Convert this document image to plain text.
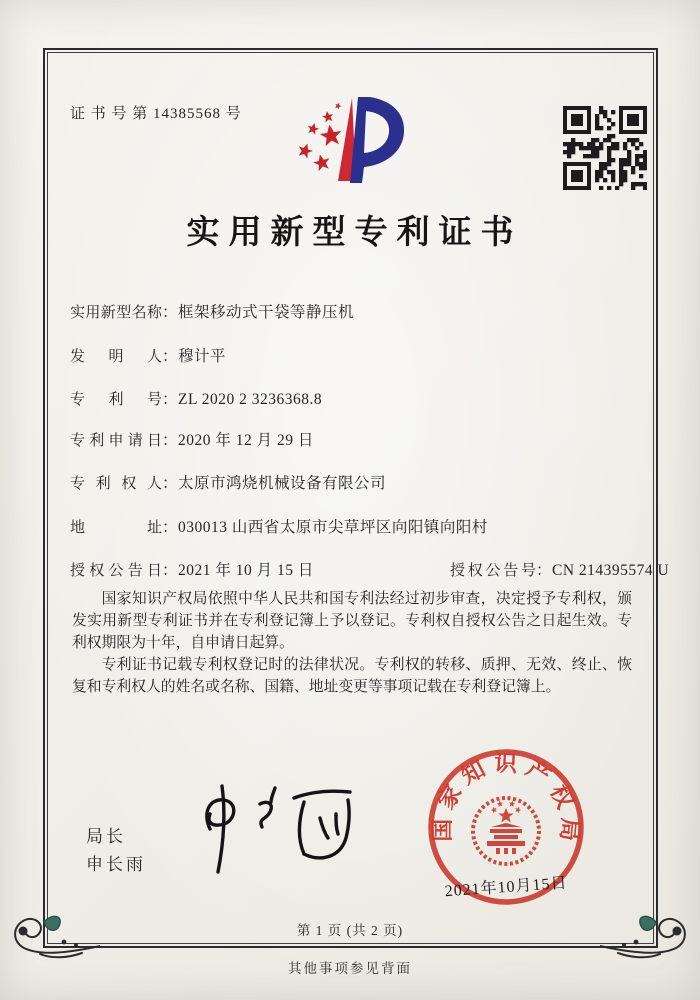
证 书 号 第 14385568 号
实用新型专利证书
实用新型名称：框架移动式干袋等静压机
发明人：穆计平
专利号：ZL 2020 2 3236368.8
专利申请日：2020 年 12 月 29 日
专利权人：太原市鸿烧机械设备有限公司
地址：030013 山西省太原市尖草坪区向阳镇向阳村
授权公告日：2021 年 10 月 15 日	授权公告号：CN 214395574 U

国家知识产权局依照中华人民共和国专利法经过初步审查，决定授予专利权，颁发实用新型专利证书并在专利登记簿上予以登记。专利权自授权公告之日起生效。专利权期限为十年，自申请日起算。

专利证书记载专利权登记时的法律状况。专利权的转移、质押、无效、终止、恢复和专利权人的姓名或名称、国籍、地址变更等事项记载在专利登记簿上。

局长
申长雨
国家知识产权局
2021年10月15日
第 1 页 (共 2 页)
其他事项参见背面
